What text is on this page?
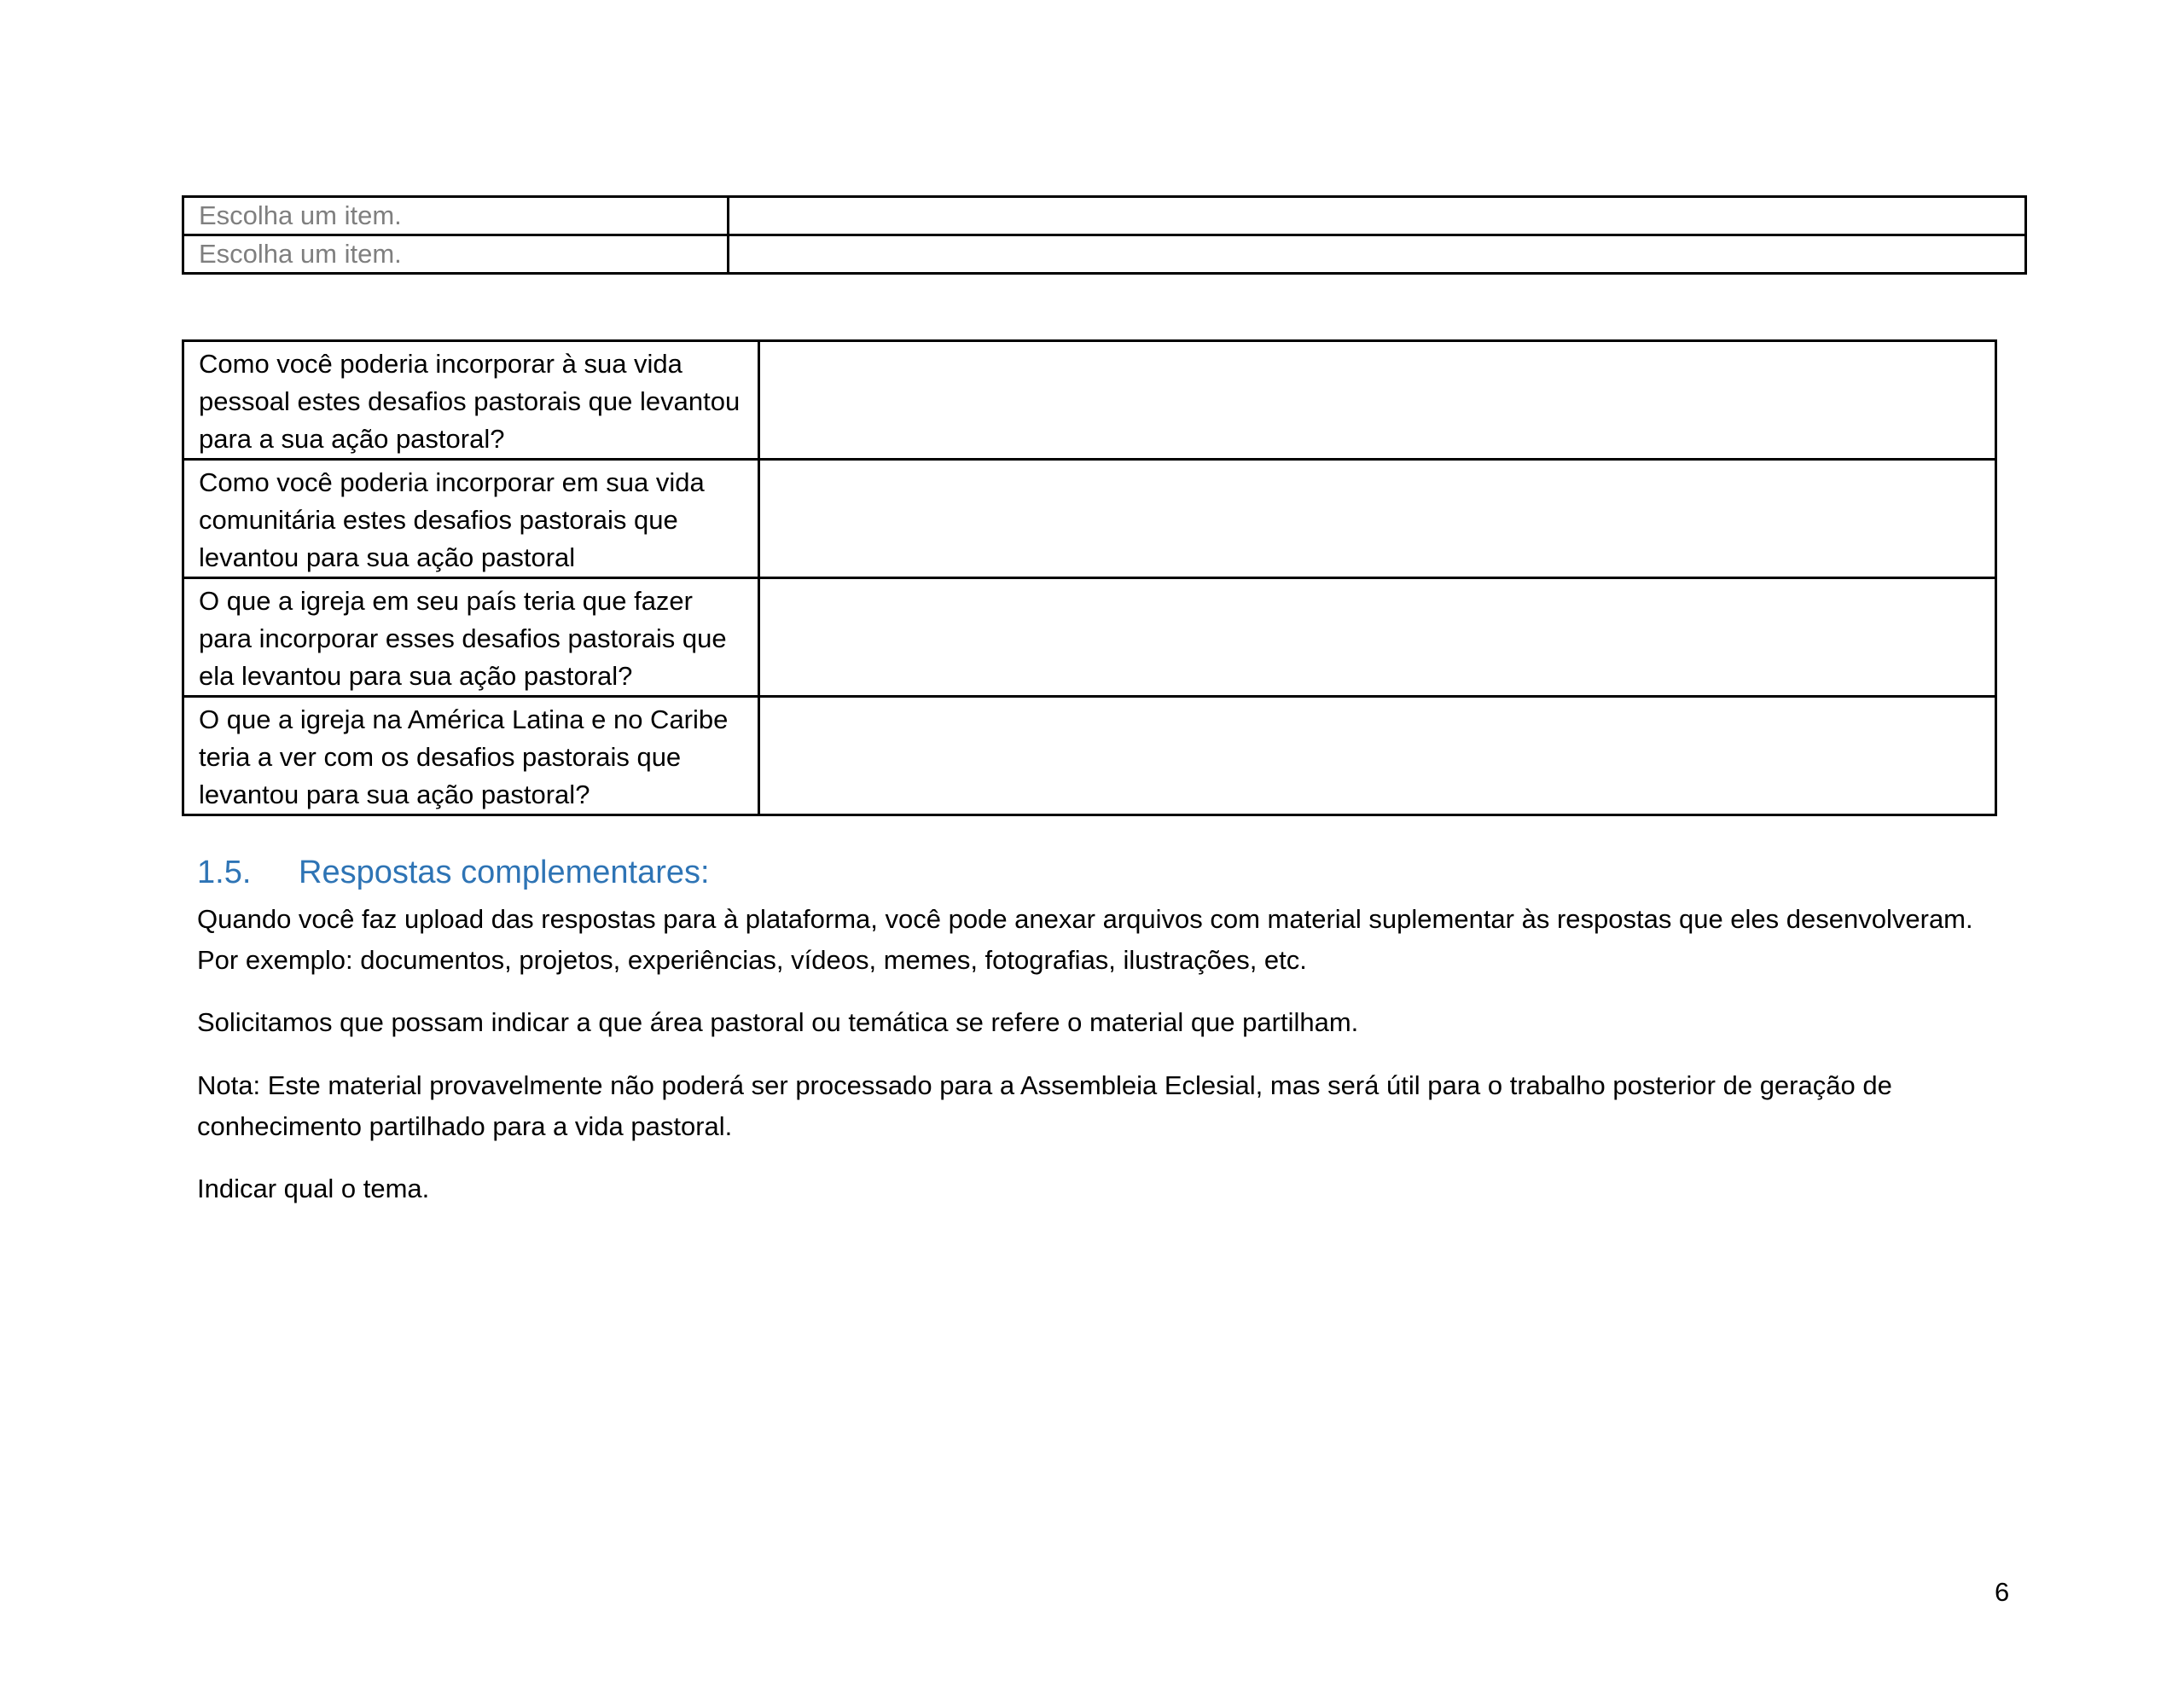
Escolha um item.	
Escolha um item.	
Como você poderia incorporar à sua vida pessoal estes desafios pastorais que levantou para a sua ação pastoral?	
Como você poderia incorporar em sua vida comunitária estes desafios pastorais que levantou para sua ação pastoral	
O que a igreja em seu país teria que fazer para incorporar esses desafios pastorais que ela levantou para sua ação pastoral?	
O que a igreja na América Latina e no Caribe teria a ver com os desafios pastorais que levantou para sua ação pastoral?	
1.5. Respostas complementares:

Quando você faz upload das respostas para à plataforma, você pode anexar arquivos com material suplementar às respostas que eles desenvolveram. Por exemplo: documentos, projetos, experiências, vídeos, memes, fotografias, ilustrações, etc.

Solicitamos que possam indicar a que área pastoral ou temática se refere o material que partilham.

Nota: Este material provavelmente não poderá ser processado para a Assembleia Eclesial, mas será útil para o trabalho posterior de geração de conhecimento partilhado para a vida pastoral.

Indicar qual o tema.

6
